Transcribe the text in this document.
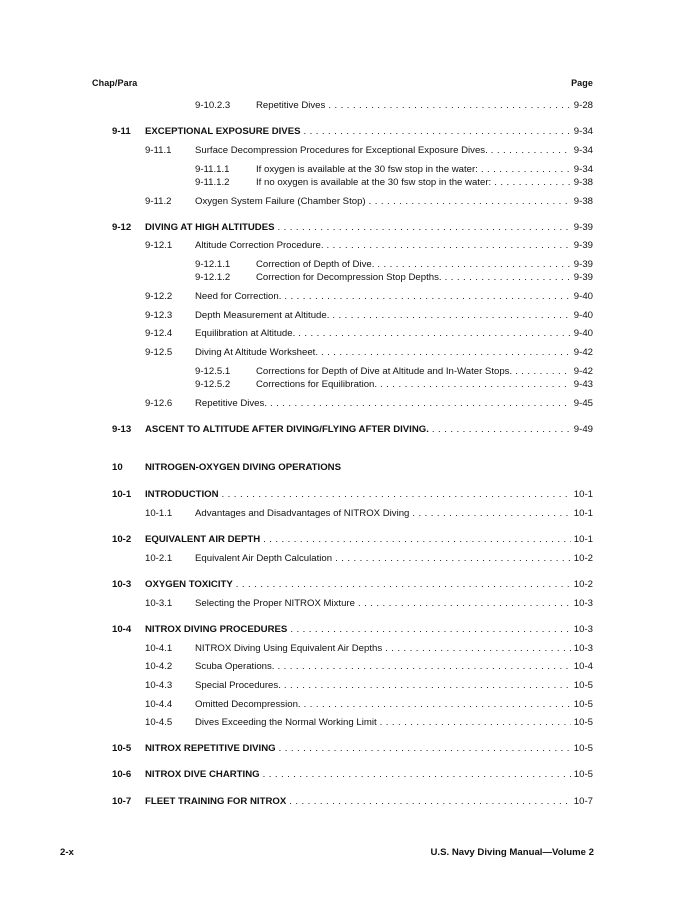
Chap/Para	Page
9-10.2.3	Repetitive Dives . . .	9-28
9-11 EXCEPTIONAL EXPOSURE DIVES . . .	9-34
9-11.1 Surface Decompression Procedures for Exceptional Exposure Dives. . . .	9-34
9-11.1.1	If oxygen is available at the 30 fsw stop in the water: . . .	9-34
9-11.1.2	If no oxygen is available at the 30 fsw stop in the water: . . .	9-38
9-11.2 Oxygen System Failure (Chamber Stop) . . .	9-38
9-12 DIVING AT HIGH ALTITUDES . . .	9-39
9-12.1 Altitude Correction Procedure. . . .	9-39
9-12.1.1	Correction of Depth of Dive. . . .	9-39
9-12.1.2	Correction for Decompression Stop Depths. . . .	9-39
9-12.2 Need for Correction. . . .	9-40
9-12.3 Depth Measurement at Altitude. . . .	9-40
9-12.4 Equilibration at Altitude. . . .	9-40
9-12.5 Diving At Altitude Worksheet. . . .	9-42
9-12.5.1	Corrections for Depth of Dive at Altitude and In-Water Stops. . . .	9-42
9-12.5.2	Corrections for Equilibration. . . .	9-43
9-12.6 Repetitive Dives. . . .	9-45
9-13 ASCENT TO ALTITUDE AFTER DIVING/FLYING AFTER DIVING. . . .	9-49
10 NITROGEN-OXYGEN DIVING OPERATIONS
10-1 INTRODUCTION . . .	10-1
10-1.1 Advantages and Disadvantages of NITROX Diving . . .	10-1
10-2 EQUIVALENT AIR DEPTH . . .	10-1
10-2.1 Equivalent Air Depth Calculation . . .	10-2
10-3 OXYGEN TOXICITY . . .	10-2
10-3.1 Selecting the Proper NITROX Mixture . . .	10-3
10-4 NITROX DIVING PROCEDURES . . .	10-3
10-4.1 NITROX Diving Using Equivalent Air Depths . . .	10-3
10-4.2 Scuba Operations. . . .	10-4
10-4.3 Special Procedures. . . .	10-5
10-4.4 Omitted Decompression. . . .	10-5
10-4.5 Dives Exceeding the Normal Working Limit . . .	10-5
10-5 NITROX REPETITIVE DIVING . . .	10-5
10-6 NITROX DIVE CHARTING . . .	10-5
10-7 FLEET TRAINING FOR NITROX . . .	10-7
2-x	U.S. Navy Diving Manual—Volume 2
